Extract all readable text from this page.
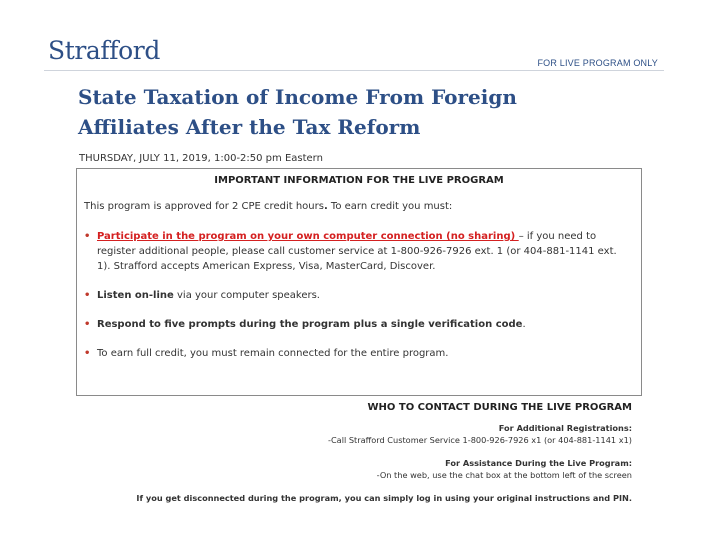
Strafford	FOR LIVE PROGRAM ONLY
State Taxation of Income From Foreign
Affiliates After the Tax Reform
THURSDAY, JULY 11, 2019, 1:00-2:50 pm Eastern
IMPORTANT INFORMATION FOR THE LIVE PROGRAM
This program is approved for 2 CPE credit hours. To earn credit you must:
• Participate in the program on your own computer connection (no sharing) – if you need to register additional people, please call customer service at 1-800-926-7926 ext. 1 (or 404-881-1141 ext. 1). Strafford accepts American Express, Visa, MasterCard, Discover.
• Listen on-line via your computer speakers.
• Respond to five prompts during the program plus a single verification code.
• To earn full credit, you must remain connected for the entire program.
WHO TO CONTACT DURING THE LIVE PROGRAM
For Additional Registrations:
-Call Strafford Customer Service 1-800-926-7926 x1 (or 404-881-1141 x1)
For Assistance During the Live Program:
-On the web, use the chat box at the bottom left of the screen
If you get disconnected during the program, you can simply log in using your original instructions and PIN.
